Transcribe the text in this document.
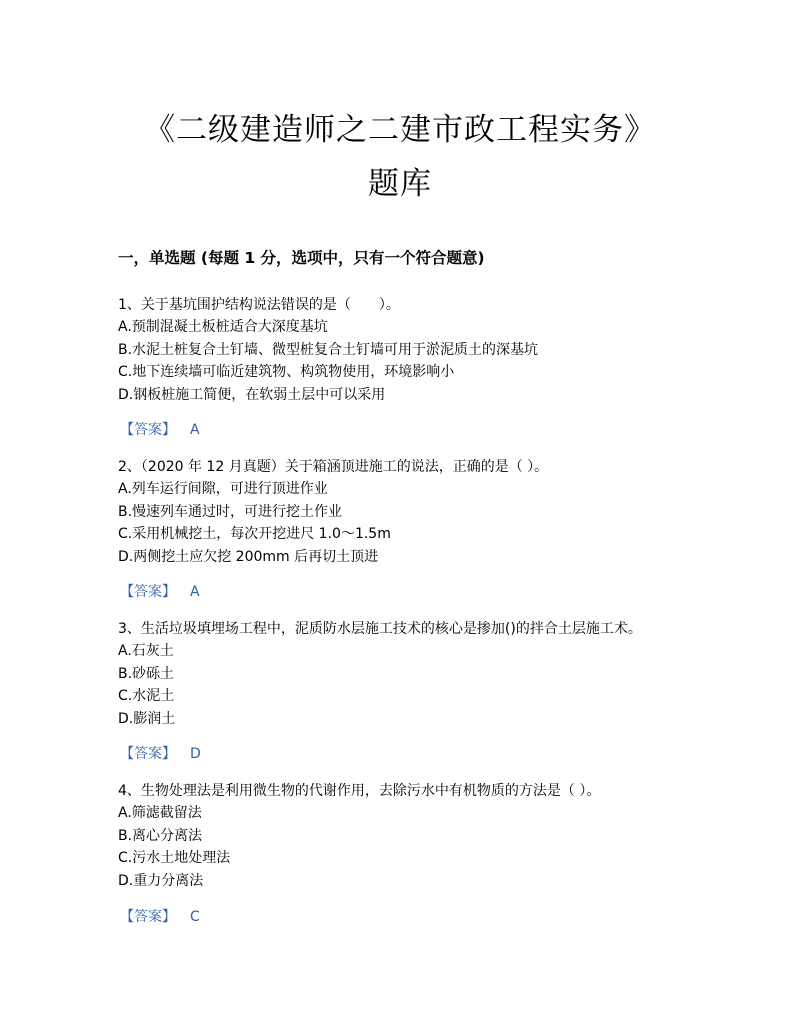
《二级建造师之二建市政工程实务》
题库
一，单选题 (每题 1 分，选项中，只有一个符合题意)

1、关于基坑围护结构说法错误的是（　　）。

A.预制混凝土板桩适合大深度基坑

B.水泥土桩复合土钉墙、微型桩复合土钉墙可用于淤泥质土的深基坑

C.地下连续墙可临近建筑物、构筑物使用，环境影响小

D.钢板桩施工简便，在软弱土层中可以采用

【答案】 A

2、（2020 年 12 月真题）关于箱涵顶进施工的说法，正确的是（ ）。

A.列车运行间隙，可进行顶进作业

B.慢速列车通过时，可进行挖土作业

C.采用机械挖土，每次开挖进尺 1.0～1.5m

D.两侧挖土应欠挖 200mm 后再切土顶进

【答案】 A

3、生活垃圾填埋场工程中，泥质防水层施工技术的核心是掺加()的拌合土层施工术。

A.石灰土

B.砂砾土

C.水泥土

D.膨润土

【答案】 D

4、生物处理法是利用微生物的代谢作用，去除污水中有机物质的方法是（ ）。

A.筛滤截留法

B.离心分离法

C.污水土地处理法

D.重力分离法

【答案】 C
